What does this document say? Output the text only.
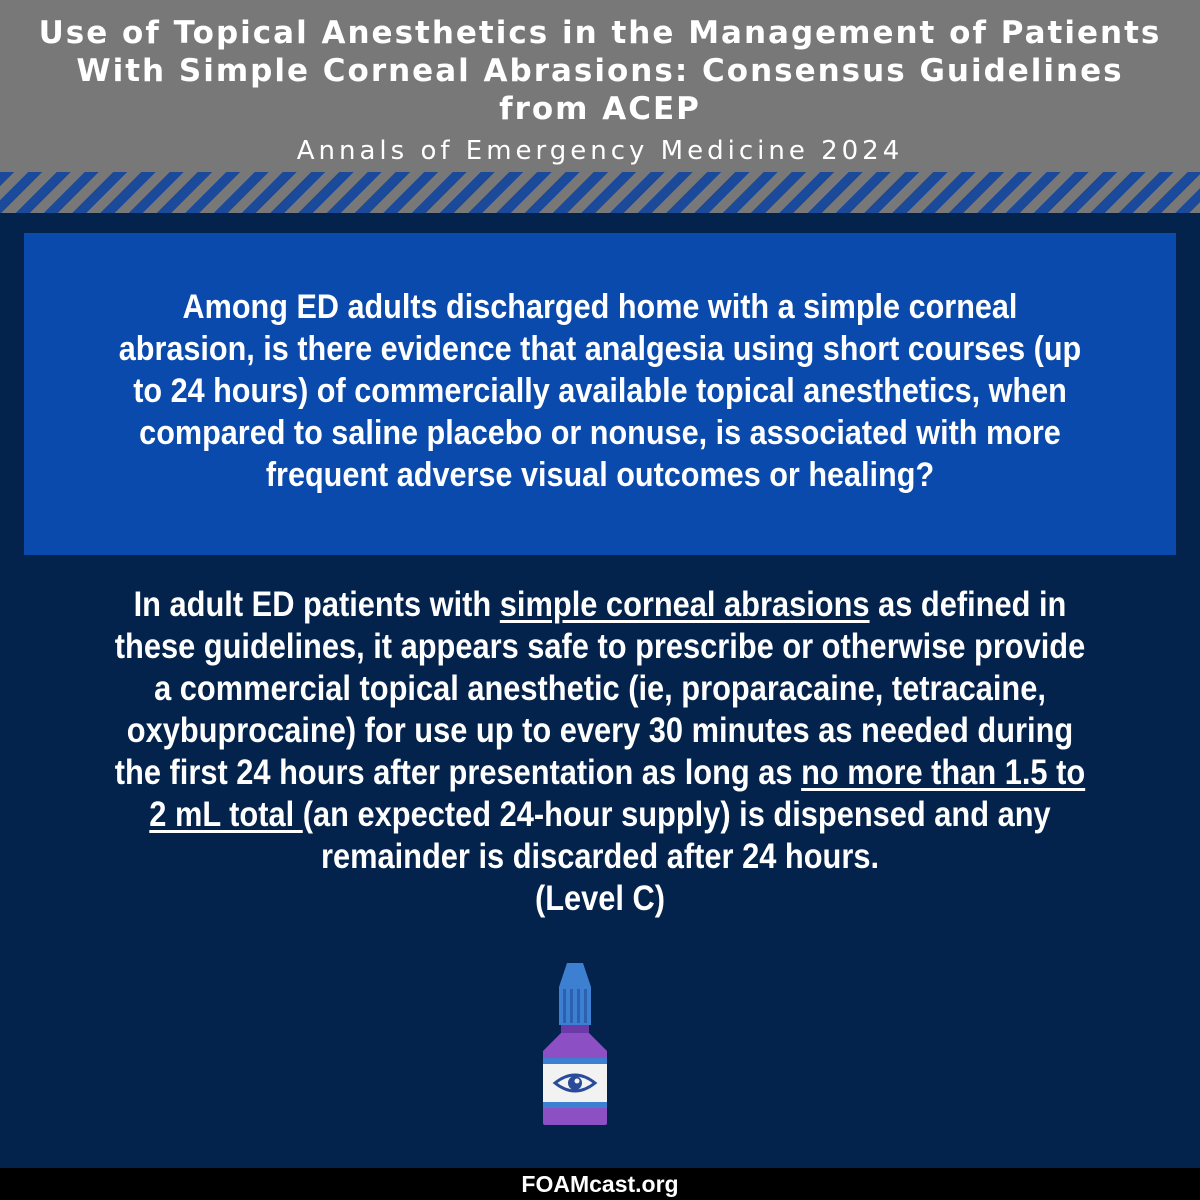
Use of Topical Anesthetics in the Management of Patients
With Simple Corneal Abrasions: Consensus Guidelines
from ACEP
Annals of Emergency Medicine 2024
Among ED adults discharged home with a simple corneal
abrasion, is there evidence that analgesia using short courses (up
to 24 hours) of commercially available topical anesthetics, when
compared to saline placebo or nonuse, is associated with more
frequent adverse visual outcomes or healing?
In adult ED patients with simple corneal abrasions as defined in
these guidelines, it appears safe to prescribe or otherwise provide
a commercial topical anesthetic (ie, proparacaine, tetracaine,
oxybuprocaine) for use up to every 30 minutes as needed during
the first 24 hours after presentation as long as no more than 1.5 to
2 mL total (an expected 24-hour supply) is dispensed and any
remainder is discarded after 24 hours.
(Level C)
FOAMcast.org
